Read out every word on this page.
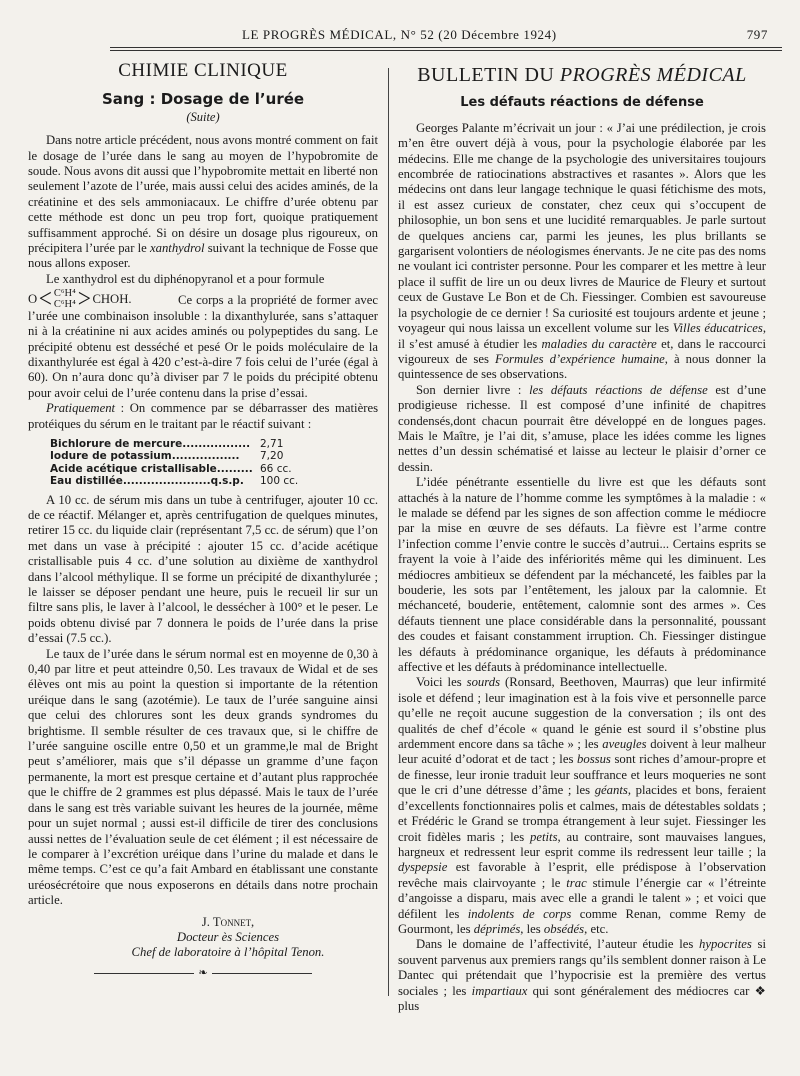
LE PROGRÈS MÉDICAL, N° 52 (20 Décembre 1924)	797
CHIMIE CLINIQUE
Sang : Dosage de l’urée
(Suite)

Dans notre article précédent, nous avons montré comment on fait le dosage de l’urée dans le sang au moyen de l’hypobromite de soude. Nous avons dit aussi que l’hypobromite mettait en liberté non seulement l’azote de l’urée, mais aussi celui des acides aminés, de la créatinine et des sels ammoniacaux. Le chiffre d’urée obtenu par cette méthode est donc un peu trop fort, quoique pratiquement suffisamment approché. Si on désire un dosage plus rigoureux, on précipitera l’urée par le xanthydrol suivant la technique de Fosse que nous allons exposer.

Le xanthydrol est du diphénopyranol et a pour formule

O < C⁶H⁴
C⁶H⁴ > CHOH.	Ce corps a la propriété de former avec l’urée une combinaison insoluble : la dixanthylurée, sans s’attaquer ni à la créatinine ni aux acides aminés ou polypeptides du sang. Le précipité obtenu est desséché et pesé Or le poids moléculaire de la dixanthylurée est égal à 420 c’est-à-dire 7 fois celui de l’urée (égal à 60). On n’aura donc qu’à diviser par 7 le poids du précipité obtenu pour avoir celui de l’urée contenu dans la prise d’essai.

Pratiquement : On commence par se débarrasser des matières protéiques du sérum en le traitant par le réactif suivant :

Bichlorure de mercure................. 2,71
Iodure de potassium.................	7,20
Acide acétique cristallisable......... 66 cc.
Eau distillée......................q.s.p.	100 cc.

A 10 cc. de sérum mis dans un tube à centrifuger, ajouter 10 cc. de ce réactif. Mélanger et, après centrifugation de quelques minutes, retirer 15 cc. du liquide clair (représentant 7,5 cc. de sérum) que l’on met dans un vase à précipité : ajouter 15 cc. d’acide acétique cristallisable puis 4 cc. d’une solution au dixième de xanthydrol dans l’alcool méthylique. Il se forme un précipité de dixanthylurée ; le laisser se déposer pendant une heure, puis le recueil lir sur un filtre sans plis, le laver à l’alcool, le dessécher à 100° et le peser. Le poids obtenu divisé par 7 donnera le poids de l’urée dans la prise d’essai (7.5 cc.).

Le taux de l’urée dans le sérum normal est en moyenne de 0,30 à 0,40 par litre et peut atteindre 0,50. Les travaux de Widal et de ses élèves ont mis au point la question si importante de la rétention uréique dans le sang (azotémie). Le taux de l’urée sanguine ainsi que celui des chlorures sont les deux grands syndromes du brightisme. Il semble résulter de ces travaux que, si le chiffre de l’urée sanguine oscille entre 0,50 et un gramme,le mal de Bright peut s’améliorer, mais que s’il dépasse un gramme d’une façon permanente, la mort est presque certaine et d’autant plus rapprochée que le chiffre de 2 grammes est plus dépassé. Mais le taux de l’urée dans le sang est très variable suivant les heures de la journée, même pour un sujet normal ; aussi est-il difficile de tirer des conclusions aussi nettes de l’évaluation seule de cet élément ; il est nécessaire de le comparer à l’excrétion uréique dans l’urine du malade et dans le même temps. C’est ce qu’a fait Ambard en établissant une constante uréosécrétoire que nous exposerons en détails dans notre prochain article.

J. Tonnet,
Docteur ès Sciences
Chef de laboratoire à l’hôpital Tenon.
❧
BULLETIN DU PROGRÈS MÉDICAL
Les défauts réactions de défense

Georges Palante m’écrivait un jour : « J’ai une prédilection, je crois m’en être ouvert déjà à vous, pour la psychologie élaborée par les médecins. Elle me change de la psychologie des universitaires toujours encombrée de ratiocinations abstractives et rasantes ». Alors que les médecins ont dans leur langage technique le quasi fétichisme des mots, il est assez curieux de constater, chez ceux qui s’occupent de philosophie, un bon sens et une lucidité remarquables. Je parle surtout de quelques anciens car, parmi les jeunes, les plus brillants se gargarisent volontiers de néologismes énervants. Je ne cite pas des noms ne voulant ici contrister personne. Pour les comparer et les mettre à leur place il suffit de lire un ou deux livres de Maurice de Fleury et surtout ceux de Gustave Le Bon et de Ch. Fiessinger. Combien est savoureuse la psychologie de ce dernier ! Sa curiosité est toujours ardente et jeune ; voyageur qui nous laissa un excellent volume sur les Villes éducatrices, il s’est amusé à étudier les maladies du caractère et, dans le raccourci vigoureux de ses Formules d’expérience humaine, à nous donner la quintessence de ses observations.

Son dernier livre : les défauts réactions de défense est d’une prodigieuse richesse. Il est composé d’une infinité de chapitres condensés,dont chacun pourrait être développé en de longues pages. Mais le Maître, je l’ai dit, s’amuse, place les idées comme les lignes nettes d’un dessin schématisé et laisse au lecteur le plaisir d’orner ce dessin.

L’idée pénétrante essentielle du livre est que les défauts sont attachés à la nature de l’homme comme les symptômes à la maladie : « le malade se défend par les signes de son affection comme le médiocre par la mise en œuvre de ses défauts. La fièvre est l’arme contre l’infection comme l’envie contre le succès d’autrui... Certains esprits se frayent la voie à l’aide des infériorités même qui les diminuent. Les médiocres ambitieux se défendent par la méchanceté, les faibles par la bouderie, les sots par l’entêtement, les jaloux par la calomnie. Et méchanceté, bouderie, entêtement, calomnie sont des armes ». Ces défauts tiennent une place considérable dans la personnalité, poussant des coudes et faisant constamment irruption. Ch. Fiessinger distingue les défauts à prédominance organique, les défauts à prédominance affective et les défauts à prédominance intellectuelle.

Voici les sourds (Ronsard, Beethoven, Maurras) que leur infirmité isole et défend ; leur imagination est à la fois vive et personnelle parce qu’elle ne reçoit aucune suggestion de la conversation ; ils ont des qualités de chef d’école « quand le génie est sourd il s’obstine plus ardemment encore dans sa tâche » ; les aveugles doivent à leur malheur leur acuité d’odorat et de tact ; les bossus sont riches d’amour-propre et de finesse, leur ironie traduit leur souffrance et leurs moqueries ne sont que le cri d’une détresse d’âme ; les géants, placides et bons, feraient d’excellents fonctionnaires polis et calmes, mais de détestables soldats ; et Frédéric le Grand se trompa étrangement à leur sujet. Fiessinger les croit fidèles maris ; les petits, au contraire, sont mauvaises langues, hargneux et redressent leur esprit comme ils redressent leur taille ; la dyspepsie est favorable à l’esprit, elle prédispose à l’observation revêche mais clairvoyante ; le trac stimule l’énergie car « l’étreinte d’angoisse a disparu, mais avec elle a grandi le talent » ; et voici que défilent les indolents de corps comme Renan, comme Remy de Gourmont, les déprimés, les obsédés, etc.

Dans le domaine de l’affectivité, l’auteur étudie les hypocrites si souvent parvenus aux premiers rangs qu’ils semblent donner raison à Le Dantec qui prétendait que l’hypocrisie est la première des vertus sociales ; les impartiaux qui sont généralement des médiocres car ❖ plus
